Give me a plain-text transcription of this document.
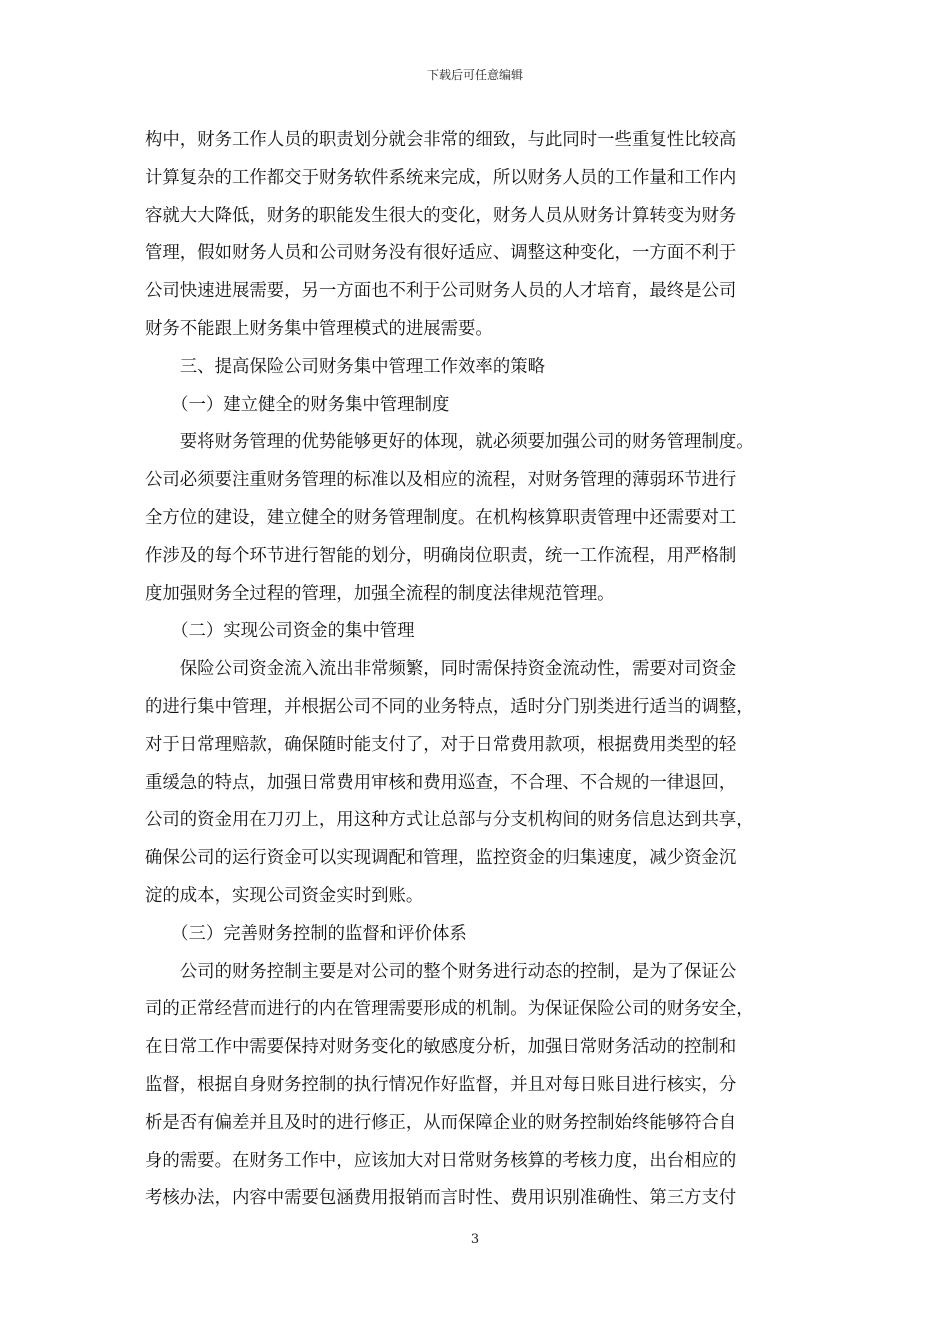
下载后可任意编辑
构中，财务工作人员的职责划分就会非常的细致，与此同时一些重复性比较高
计算复杂的工作都交于财务软件系统来完成，所以财务人员的工作量和工作内
容就大大降低，财务的职能发生很大的变化，财务人员从财务计算转变为财务
管理，假如财务人员和公司财务没有很好适应、调整这种变化，一方面不利于
公司快速进展需要，另一方面也不利于公司财务人员的人才培育，最终是公司
财务不能跟上财务集中管理模式的进展需要。
　　三、提高保险公司财务集中管理工作效率的策略
　　（一）建立健全的财务集中管理制度
　　要将财务管理的优势能够更好的体现，就必须要加强公司的财务管理制度。
公司必须要注重财务管理的标准以及相应的流程，对财务管理的薄弱环节进行
全方位的建设，建立健全的财务管理制度。在机构核算职责管理中还需要对工
作涉及的每个环节进行智能的划分，明确岗位职责，统一工作流程，用严格制
度加强财务全过程的管理，加强全流程的制度法律规范管理。
　　（二）实现公司资金的集中管理
　　保险公司资金流入流出非常频繁，同时需保持资金流动性，需要对司资金
的进行集中管理，并根据公司不同的业务特点，适时分门别类进行适当的调整，
对于日常理赔款，确保随时能支付了，对于日常费用款项，根据费用类型的轻
重缓急的特点，加强日常费用审核和费用巡查，不合理、不合规的一律退回，
公司的资金用在刀刃上，用这种方式让总部与分支机构间的财务信息达到共享，
确保公司的运行资金可以实现调配和管理，监控资金的归集速度，减少资金沉
淀的成本，实现公司资金实时到账。
　　（三）完善财务控制的监督和评价体系
　　公司的财务控制主要是对公司的整个财务进行动态的控制，是为了保证公
司的正常经营而进行的内在管理需要形成的机制。为保证保险公司的财务安全，
在日常工作中需要保持对财务变化的敏感度分析，加强日常财务活动的控制和
监督，根据自身财务控制的执行情况作好监督，并且对每日账目进行核实，分
析是否有偏差并且及时的进行修正，从而保障企业的财务控制始终能够符合自
身的需要。在财务工作中，应该加大对日常财务核算的考核力度，出台相应的
考核办法，内容中需要包涵费用报销而言时性、费用识别准确性、第三方支付
3
